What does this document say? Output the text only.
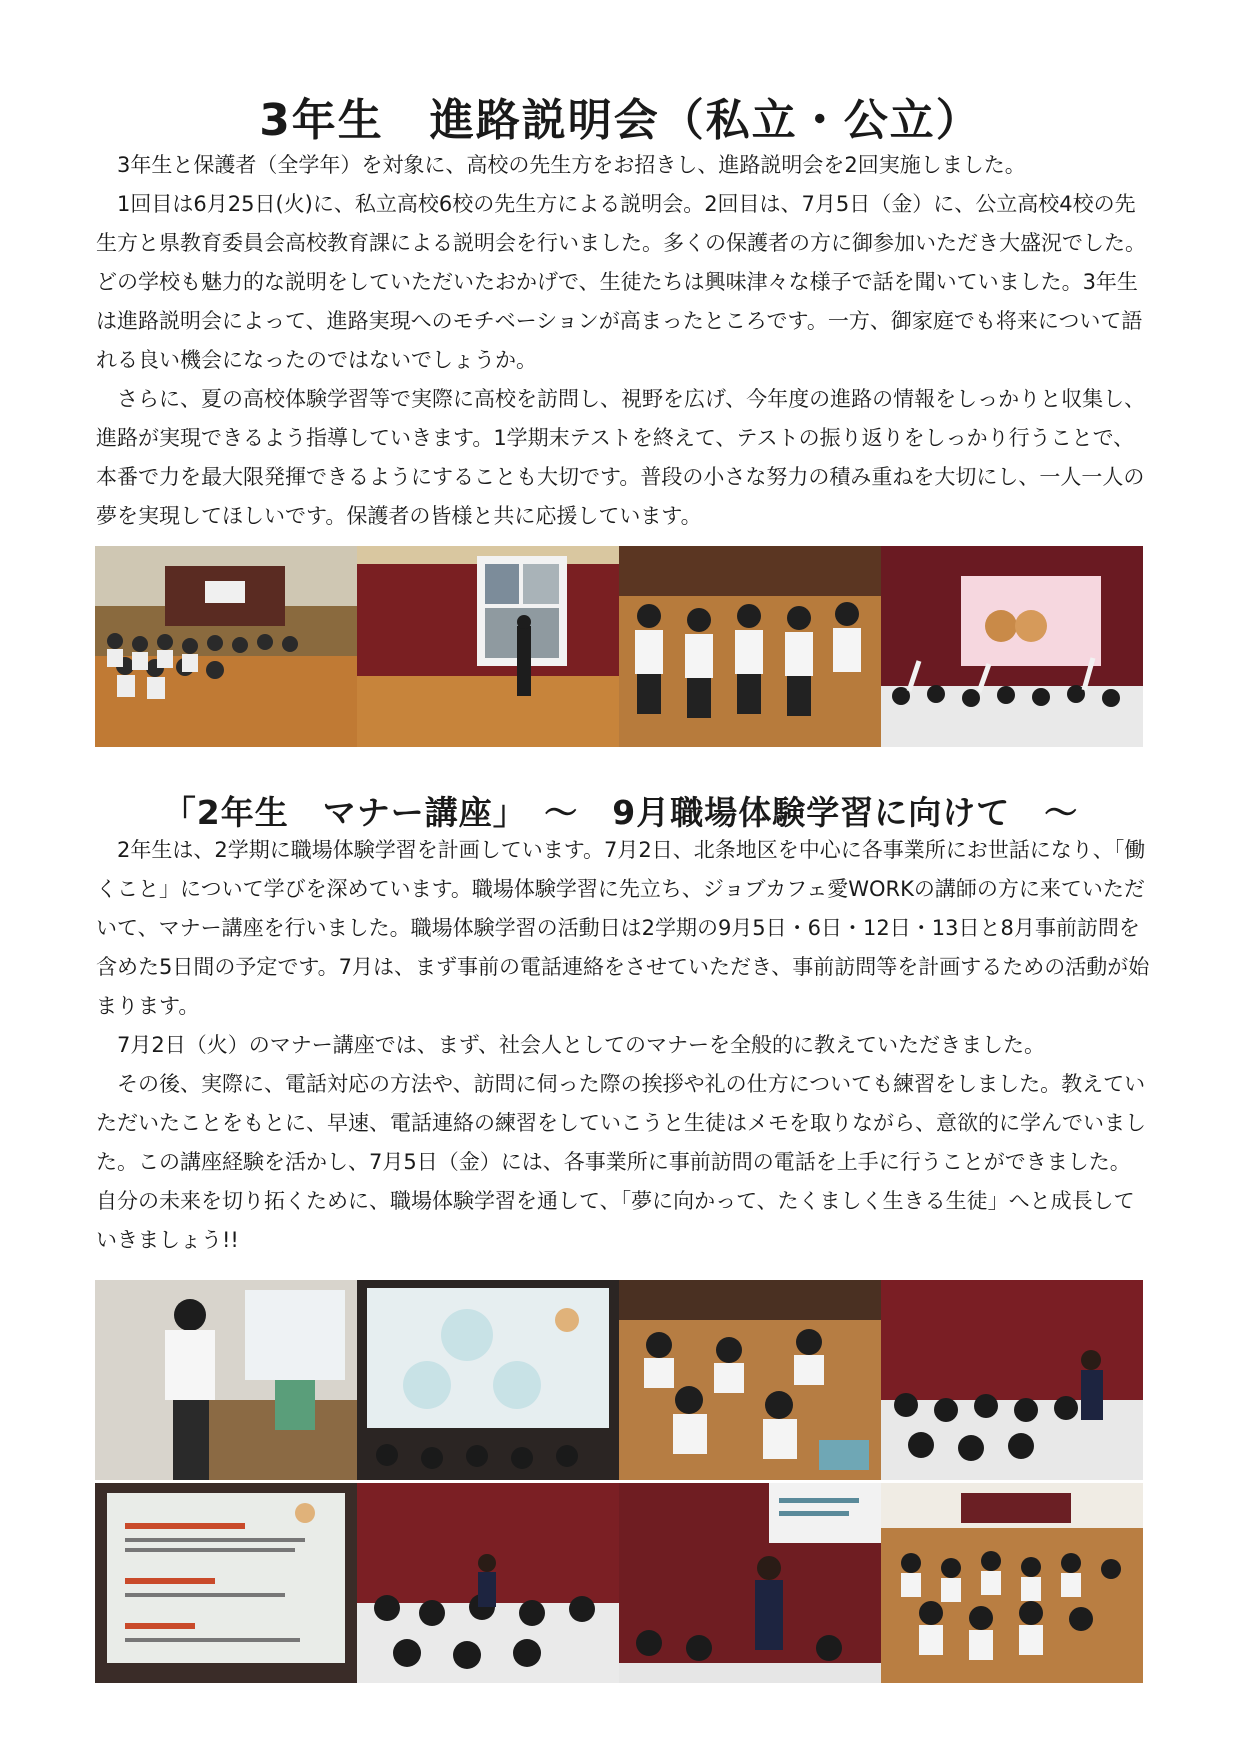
3年生　進路説明会（私立・公立）

3年生と保護者（全学年）を対象に、高校の先生方をお招きし、進路説明会を2回実施しました。

1回目は6月25日(火)に、私立高校6校の先生方による説明会。2回目は、7月5日（金）に、公立高校4校の先生方と県教育委員会高校教育課による説明会を行いました。多くの保護者の方に御参加いただき大盛況でした。どの学校も魅力的な説明をしていただいたおかげで、生徒たちは興味津々な様子で話を聞いていました。3年生は進路説明会によって、進路実現へのモチベーションが高まったところです。一方、御家庭でも将来について語れる良い機会になったのではないでしょうか。

さらに、夏の高校体験学習等で実際に高校を訪問し、視野を広げ、今年度の進路の情報をしっかりと収集し、進路が実現できるよう指導していきます。1学期末テストを終えて、テストの振り返りをしっかり行うことで、本番で力を最大限発揮できるようにすることも大切です。普段の小さな努力の積み重ねを大切にし、一人一人の夢を実現してほしいです。保護者の皆様と共に応援しています。

「2年生　マナー講座」　～　9月職場体験学習に向けて　～

2年生は、2学期に職場体験学習を計画しています。7月2日、北条地区を中心に各事業所にお世話になり、「働くこと」について学びを深めています。職場体験学習に先立ち、ジョブカフェ愛WORKの講師の方に来ていただいて、マナー講座を行いました。職場体験学習の活動日は2学期の9月5日・6日・12日・13日と8月事前訪問を含めた5日間の予定です。7月は、まず事前の電話連絡をさせていただき、事前訪問等を計画するための活動が始まります。

7月2日（火）のマナー講座では、まず、社会人としてのマナーを全般的に教えていただきました。

その後、実際に、電話対応の方法や、訪問に伺った際の挨拶や礼の仕方についても練習をしました。教えていただいたことをもとに、早速、電話連絡の練習をしていこうと生徒はメモを取りながら、意欲的に学んでいました。この講座経験を活かし、7月5日（金）には、各事業所に事前訪問の電話を上手に行うことができました。自分の未来を切り拓くために、職場体験学習を通して、「夢に向かって、たくましく生きる生徒」へと成長していきましょう!!
